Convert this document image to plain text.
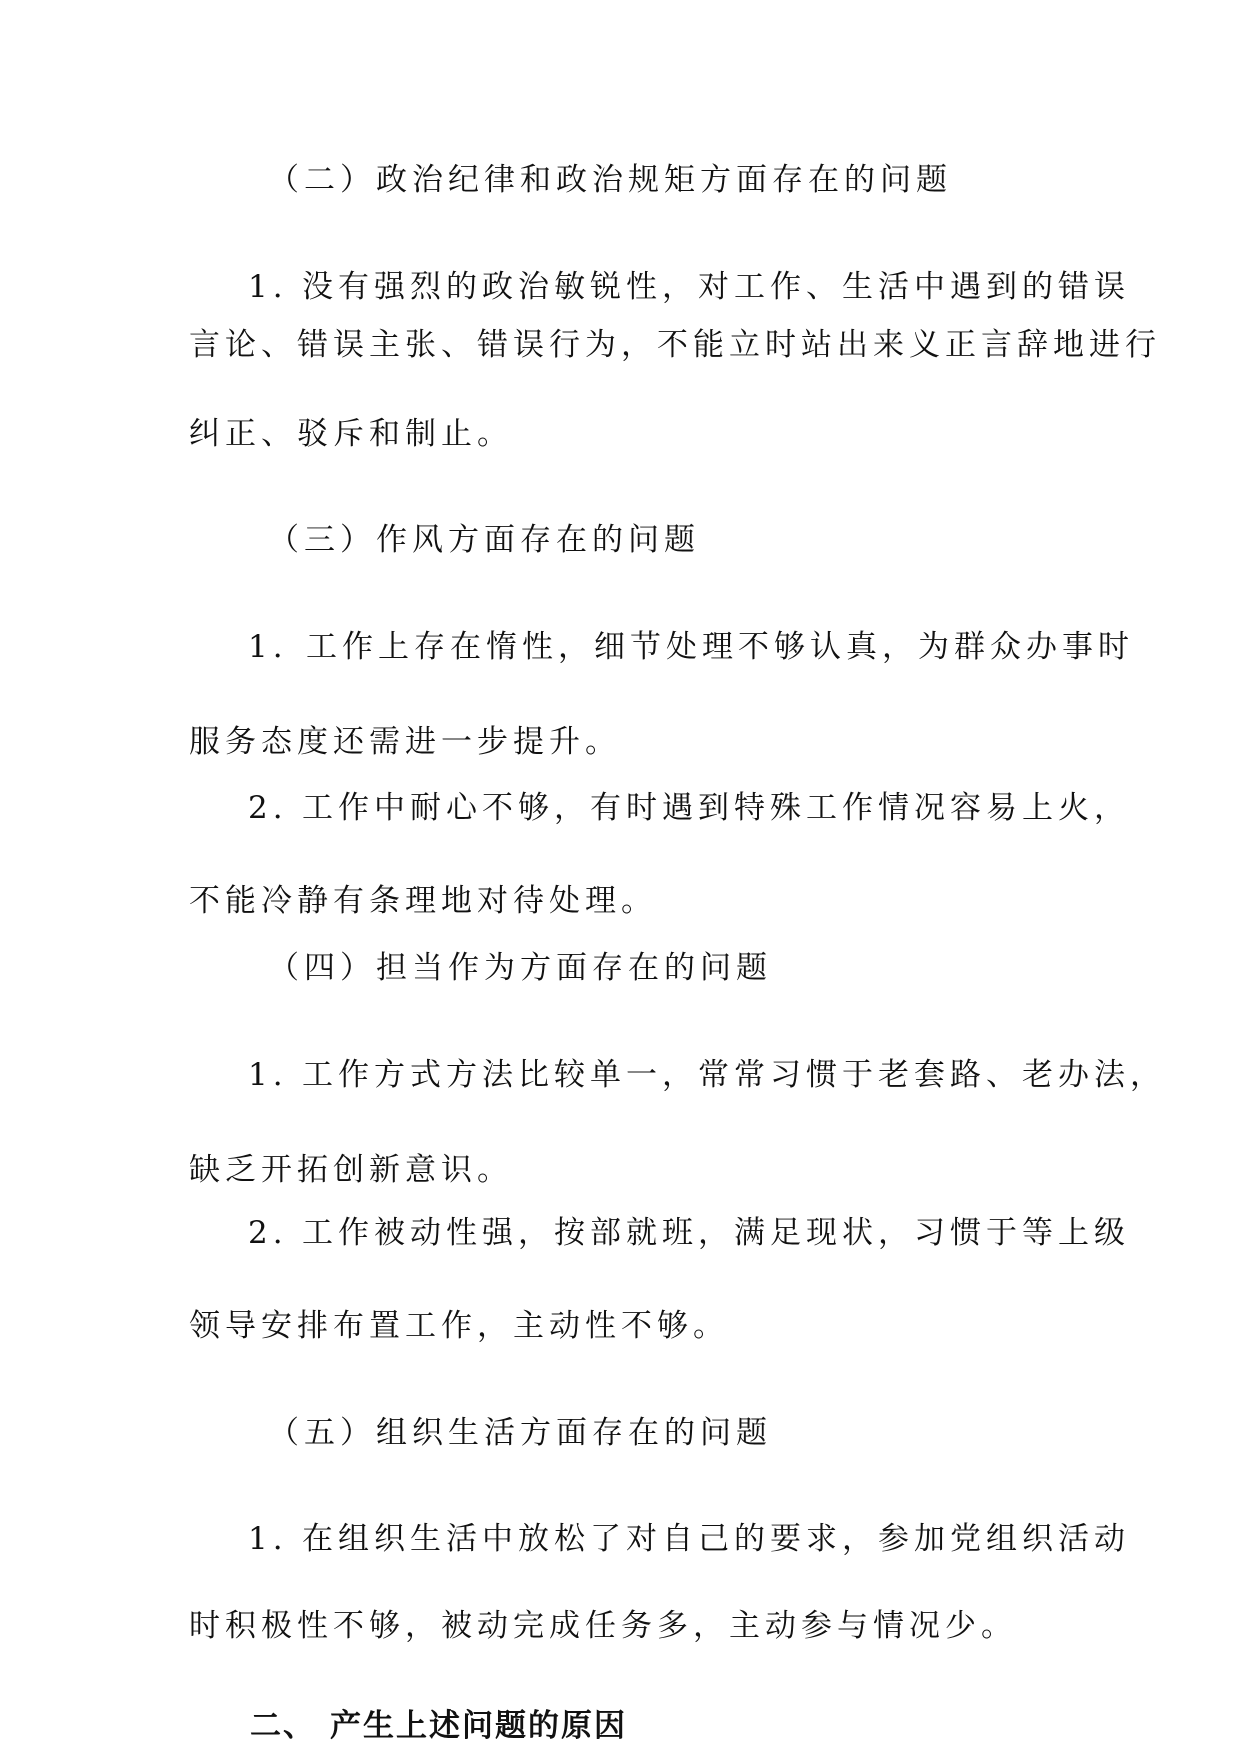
（二）政治纪律和政治规矩方面存在的问题
1. 没有强烈的政治敏锐性，对工作、生活中遇到的错误
言论、错误主张、错误行为，不能立时站出来义正言辞地进行
纠正、驳斥和制止。
（三）作风方面存在的问题
1. 工作上存在惰性，细节处理不够认真，为群众办事时
服务态度还需进一步提升。
2. 工作中耐心不够，有时遇到特殊工作情况容易上火，
不能冷静有条理地对待处理。
（四）担当作为方面存在的问题
1. 工作方式方法比较单一，常常习惯于老套路、老办法，
缺乏开拓创新意识。
2. 工作被动性强，按部就班，满足现状，习惯于等上级
领导安排布置工作，主动性不够。
（五）组织生活方面存在的问题
1. 在组织生活中放松了对自己的要求，参加党组织活动
时积极性不够，被动完成任务多，主动参与情况少。
二、 产生上述问题的原因
